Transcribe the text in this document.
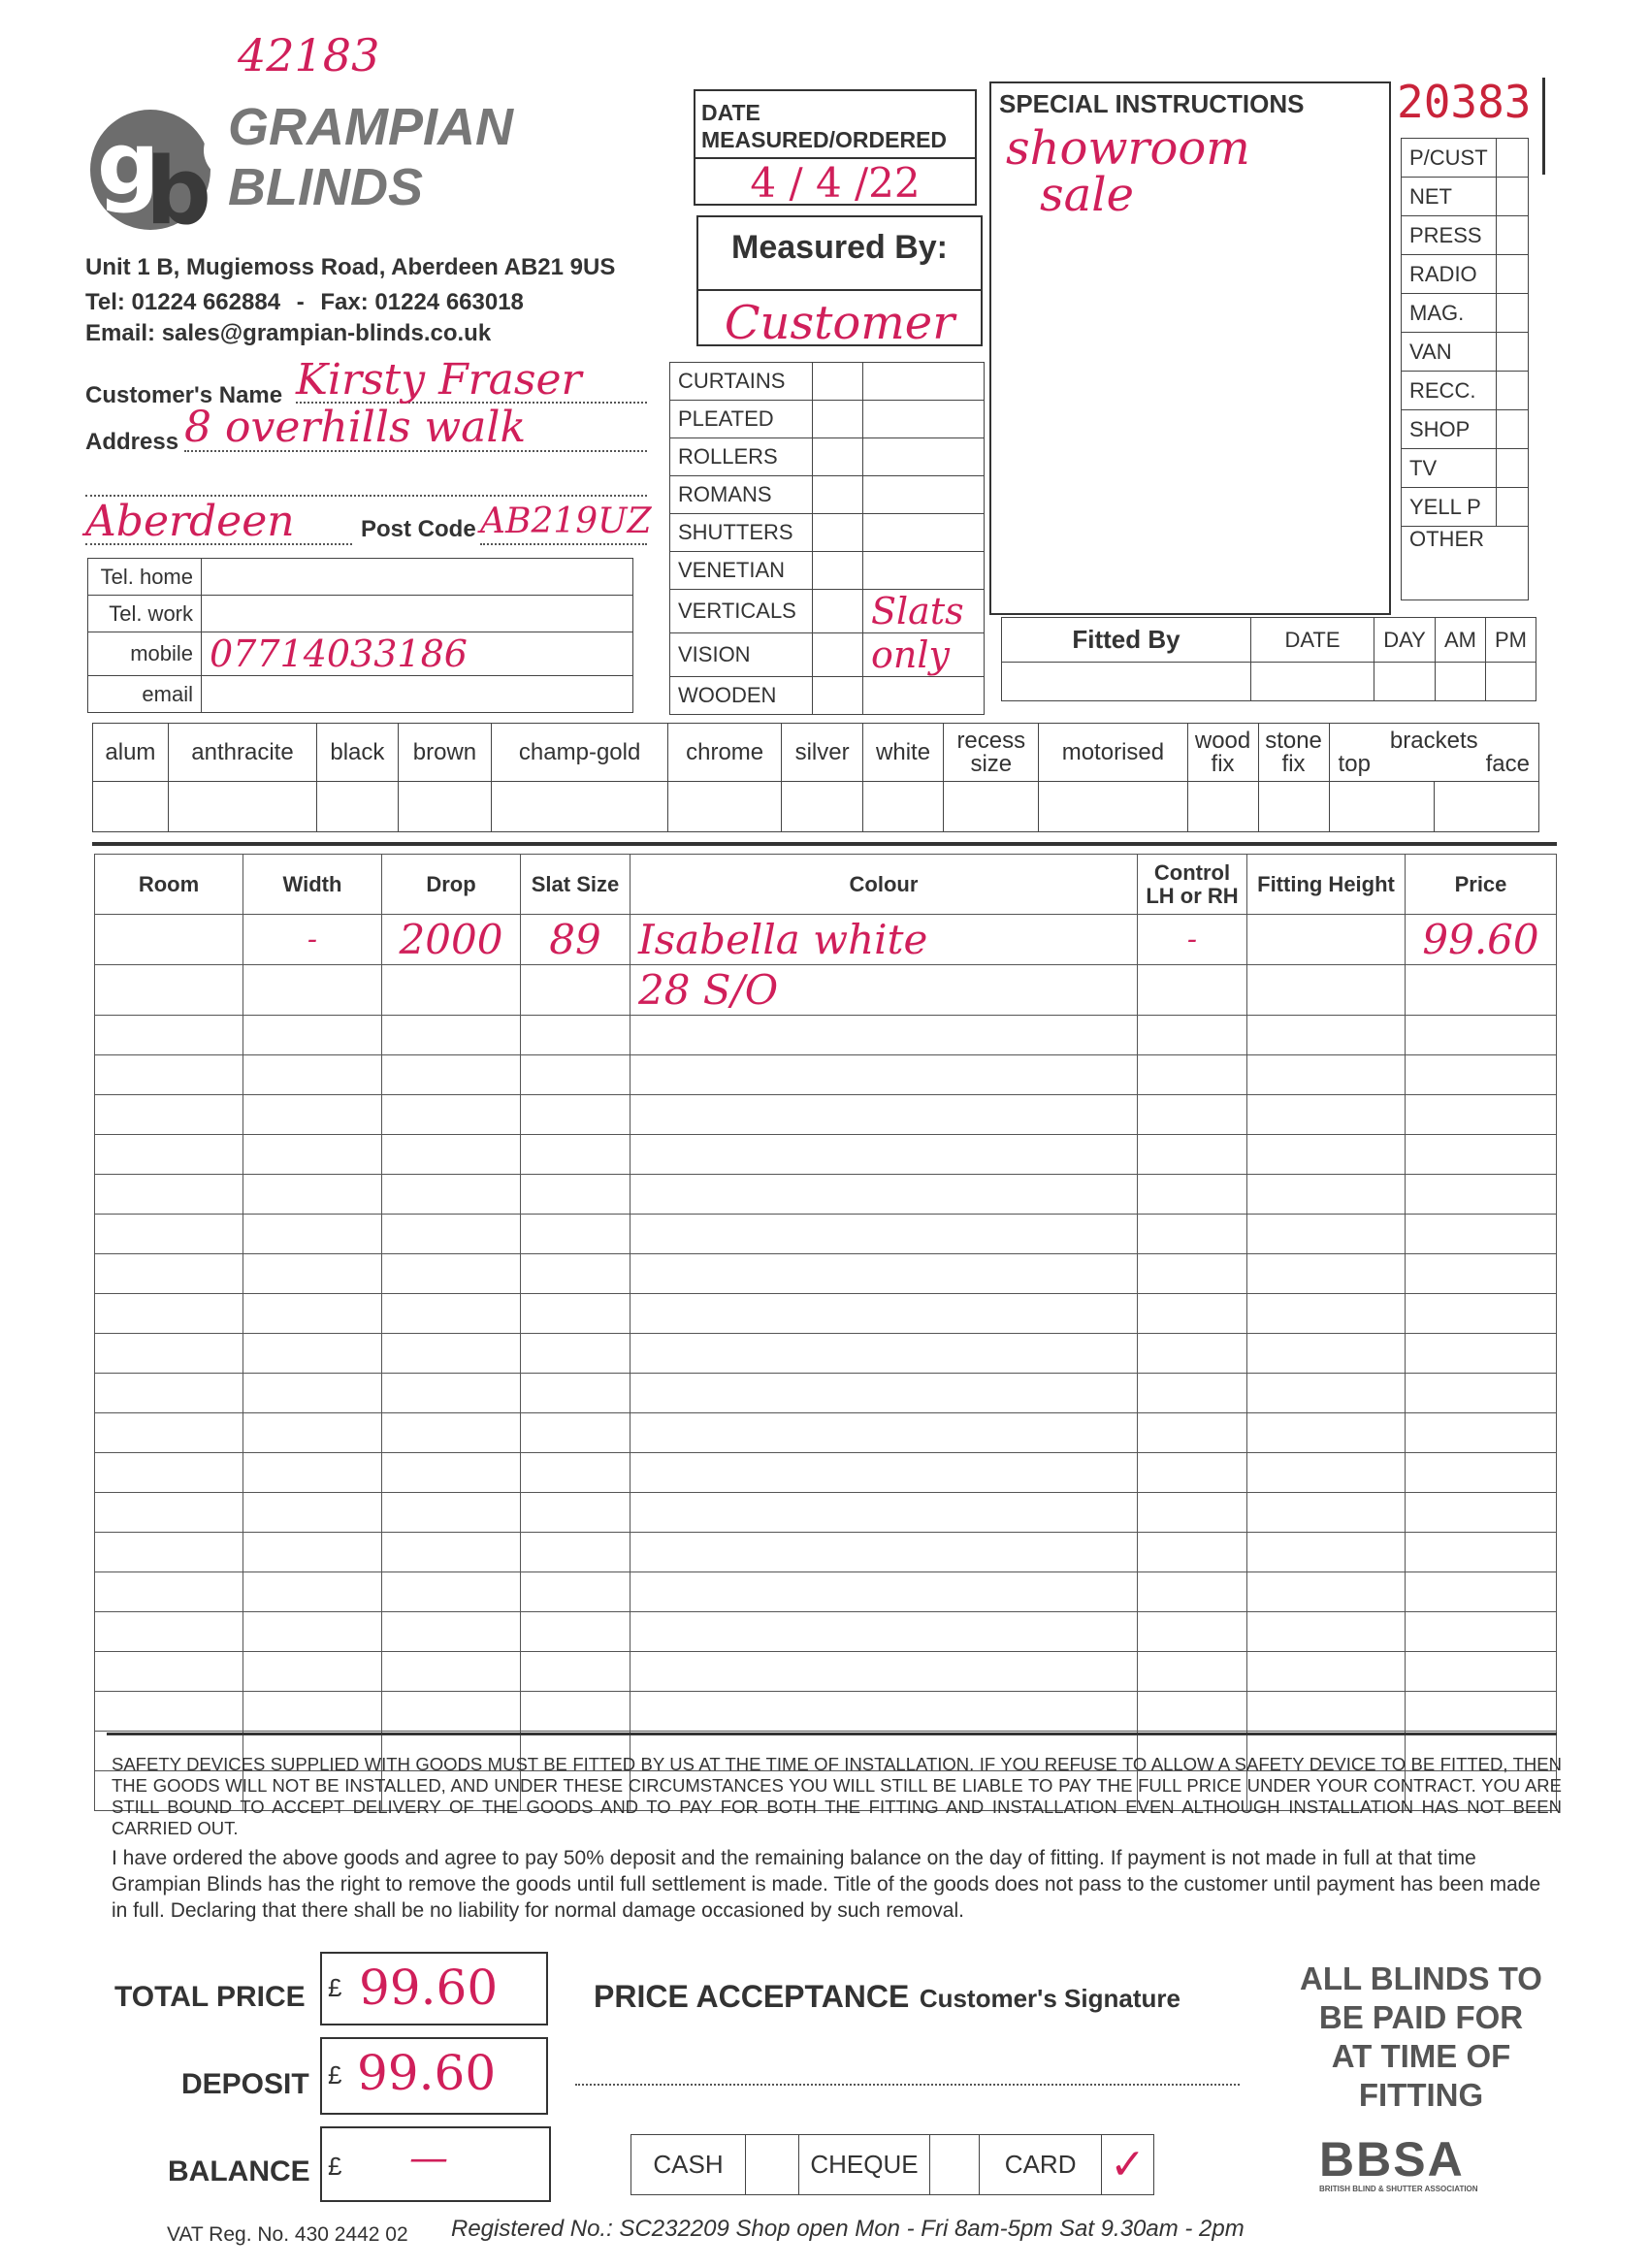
42183
g
b
GRAMPIAN
BLINDS
Unit 1 B, Mugiemoss Road, Aberdeen AB21 9US
Tel: 01224 662884 - Fax: 01224 663018
Email: sales@grampian-blinds.co.uk
DATE
MEASURED/ORDERED
4 / 4 /22
Measured By:
Customer
SPECIAL INSTRUCTIONS
showroom
sale
20383
P/CUST	
NET	
PRESS	
RADIO	
MAG.	
VAN	
RECC.	
SHOP	
TV	
YELL P	
OTHER	
Customer's Name Kirsty Fraser
Address 8 overhills walk
Aberdeen	Post Code AB219UZ
Tel. home	
Tel. work	
mobile	07714033186
email	
CURTAINS		
PLEATED		
ROLLERS		
ROMANS		
SHUTTERS		
VENETIAN		
VERTICALS		Slats
VISION		only
WOODEN		
Fitted By	DATE	DAY	AM	PM

alum	anthracite	black	brown	champ-gold	chrome	silver	white	recess size	motorised	wood fix	stone fix	brackets
top face	

Room	Width	Drop	Slat Size	Colour	Control LH or RH	Fitting Height	Price
	-	2000	89	Isabella white	-		99.60
				28 S/O			

SAFETY DEVICES SUPPLIED WITH GOODS MUST BE FITTED BY US AT THE TIME OF INSTALLATION. IF YOU REFUSE TO ALLOW A SAFETY DEVICE TO BE FITTED, THEN THE GOODS WILL NOT BE INSTALLED, AND UNDER THESE CIRCUMSTANCES YOU WILL STILL BE LIABLE TO PAY THE FULL PRICE UNDER YOUR CONTRACT. YOU ARE STILL BOUND TO ACCEPT DELIVERY OF THE GOODS AND TO PAY FOR BOTH THE FITTING AND INSTALLATION EVEN ALTHOUGH INSTALLATION HAS NOT BEEN CARRIED OUT.
I have ordered the above goods and agree to pay 50% deposit and the remaining balance on the day of fitting. If payment is not made in full at that time Grampian Blinds has the right to remove the goods until full settlement is made. Title of the goods does not pass to the customer until payment has been made in full. Declaring that there shall be no liability for normal damage occasioned by such removal.
TOTAL PRICE £ 99.60
DEPOSIT £ 99.60
BALANCE £ —
PRICE ACCEPTANCE Customer's Signature
CASH		CHEQUE		CARD	✓
ALL BLINDS TO
BE PAID FOR
AT TIME OF
FITTING
BBSA
BRITISH BLIND & SHUTTER ASSOCIATION
VAT Reg. No. 430 2442 02 Registered No.: SC232209 Shop open Mon - Fri 8am-5pm Sat 9.30am - 2pm
